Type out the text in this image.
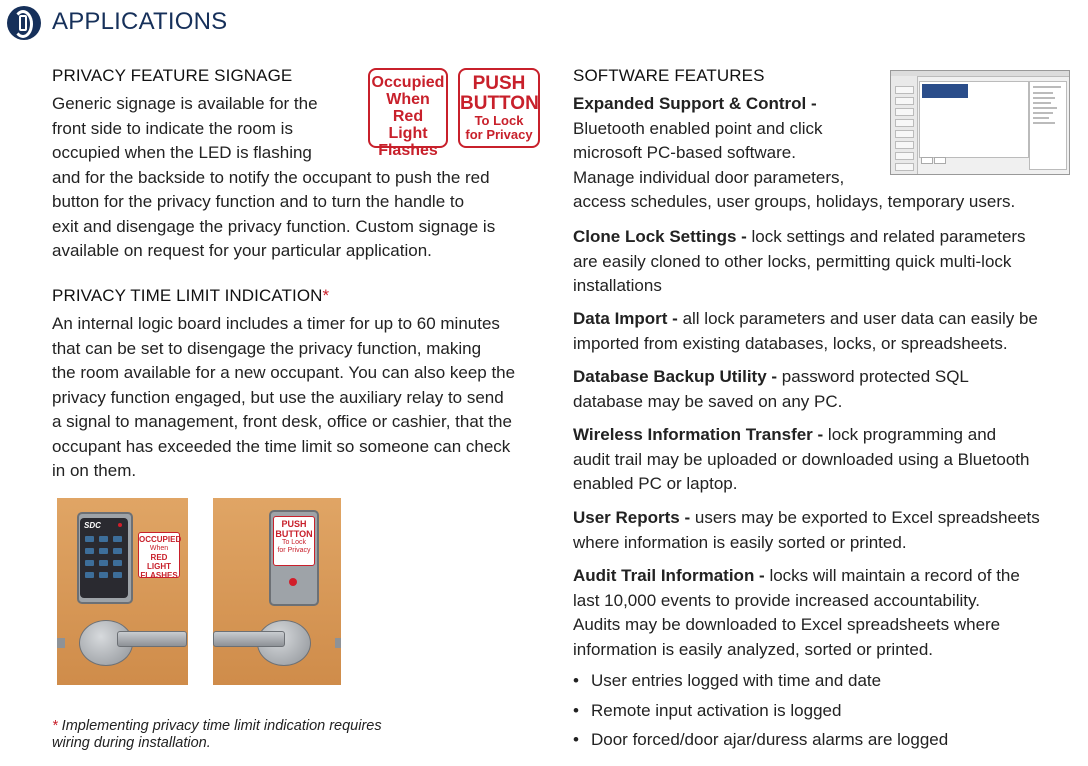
APPLICATIONS
PRIVACY FEATURE SIGNAGE
Generic signage is available for the
front side to indicate the room is
occupied when the LED is flashing
and for the backside to notify the occupant to push the red
button for the privacy function and to turn the handle to
exit and disengage the privacy function. Custom signage is
available on request for your particular application.
Occupied
When Red
Light
Flashes
PUSH
BUTTON
To Lock
for Privacy
PRIVACY TIME LIMIT INDICATION*
An internal logic board includes a timer for up to 60 minutes
that can be set to disengage the privacy function, making
the room available for a new occupant. You can also keep the
privacy function engaged, but use the auxiliary relay to send
a signal to management, front desk, office or cashier, that the
occupant has exceeded the time limit so someone can check
in on them.
SDC
OCCUPIED
When
RED LIGHT
FLASHES
PUSH
BUTTON
To Lock
for Privacy
* Implementing privacy time limit indication requires
wiring during installation.
SOFTWARE FEATURES
Expanded Support & Control -
Bluetooth enabled point and click
microsoft PC-based software.
Manage individual door parameters,
access schedules, user groups, holidays, temporary users.
Clone Lock Settings - lock settings and related parameters
are easily cloned to other locks, permitting quick multi-lock
installations
Data Import - all lock parameters and user data can easily be
imported from existing databases, locks, or spreadsheets.
Database Backup Utility - password protected SQL
database may be saved on any PC.
Wireless Information Transfer - lock programming and
audit trail may be uploaded or downloaded using a Bluetooth
enabled PC or laptop.
User Reports - users may be exported to Excel spreadsheets
where information is easily sorted or printed.
Audit Trail Information - locks will maintain a record of the
last 10,000 events to provide increased accountability.
Audits may be downloaded to Excel spreadsheets where
information is easily analyzed, sorted or printed.
• User entries logged with time and date
• Remote input activation is logged
• Door forced/door ajar/duress alarms are logged
